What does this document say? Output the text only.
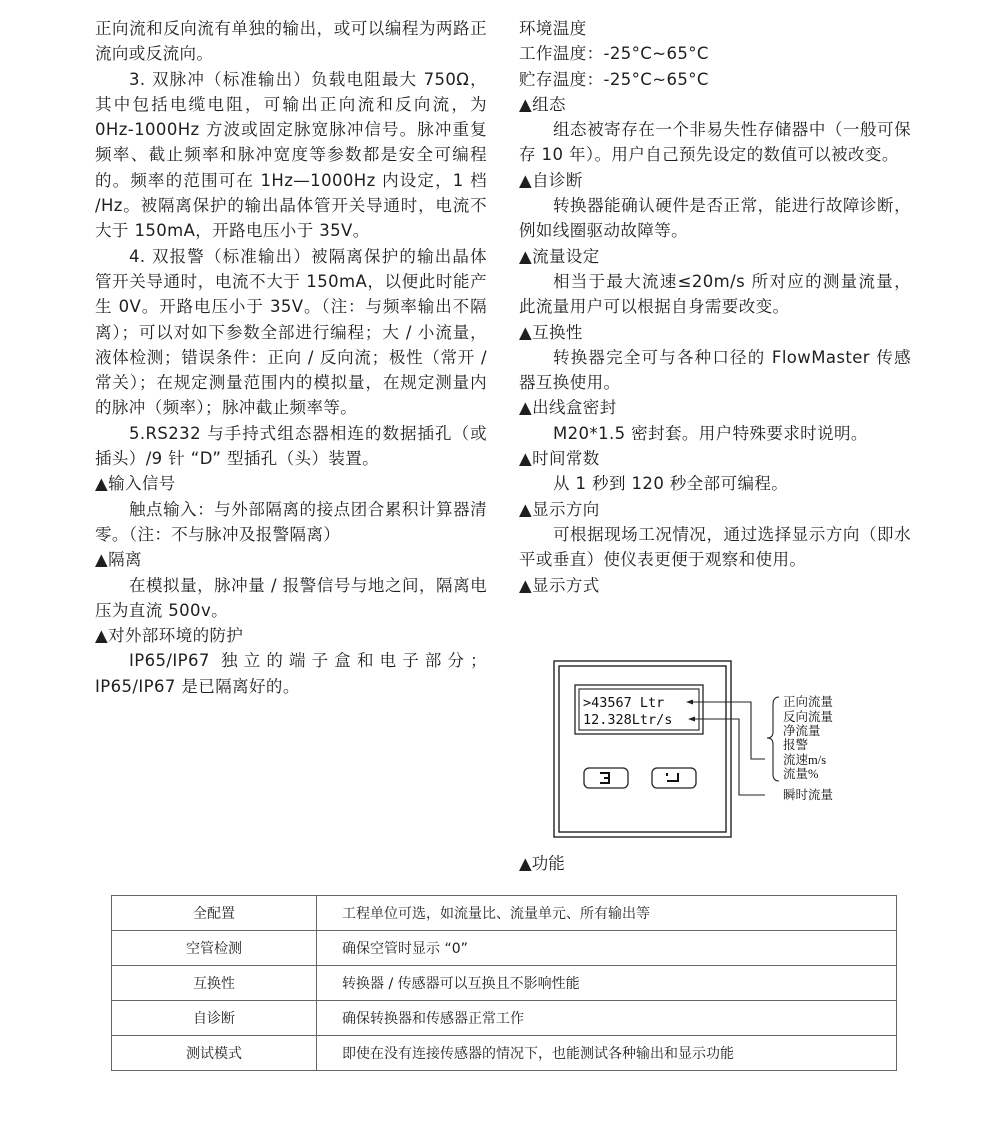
正向流和反向流有单独的输出，或可以编程为两路正流向或反流向。

3. 双脉冲（标准输出）负载电阻最大 750Ω，其中包括电缆电阻，可输出正向流和反向流，为 0Hz-1000Hz 方波或固定脉宽脉冲信号。脉冲重复频率、截止频率和脉冲宽度等参数都是安全可编程的。频率的范围可在 1Hz—1000Hz 内设定，1 档 /Hz。被隔离保护的输出晶体管开关导通时，电流不大于 150mA，开路电压小于 35V。

4. 双报警（标准输出）被隔离保护的输出晶体管开关导通时，电流不大于 150mA，以便此时能产生 0V。开路电压小于 35V。（注：与频率输出不隔离）；可以对如下参数全部进行编程；大 / 小流量，液体检测；错误条件：正向 / 反向流；极性（常开 / 常关）；在规定测量范围内的模拟量，在规定测量内的脉冲（频率）；脉冲截止频率等。

5.RS232 与手持式组态器相连的数据插孔（或插头）/9 针 “D” 型插孔（头）装置。

▲输入信号

触点输入：与外部隔离的接点团合累积计算器清零。（注：不与脉冲及报警隔离）

▲隔离

在模拟量，脉冲量 / 报警信号与地之间，隔离电压为直流 500v。

▲对外部环境的防护

IP65/IP67 独立的端子盒和电子部分；IP65/IP67 是已隔离好的。

环境温度

工作温度：-25°C~65°C

贮存温度：-25°C~65°C

▲组态

组态被寄存在一个非易失性存储器中（一般可保存 10 年）。用户自己预先设定的数值可以被改变。

▲自诊断

转换器能确认硬件是否正常，能进行故障诊断，例如线圈驱动故障等。

▲流量设定

相当于最大流速≤20m/s 所对应的测量流量，此流量用户可以根据自身需要改变。

▲互换性

转换器完全可与各种口径的 FlowMaster 传感器互换使用。

▲出线盒密封

M20*1.5 密封套。用户特殊要求时说明。

▲时间常数

从 1 秒到 120 秒全部可编程。

▲显示方向

可根据现场工况情况，通过选择显示方向（即水平或垂直）使仪表更便于观察和使用。

▲显示方式

>43567 Ltr
12.328Ltr/s
正向流量
反向流量
净流量
报警
流速m/s
流量%
瞬时流量
▲功能
全配置	工程单位可选，如流量比、流量单元、所有输出等
空管检测	确保空管时显示 “0”
互换性	转换器 / 传感器可以互换且不影响性能
自诊断	确保转换器和传感器正常工作
测试模式	即使在没有连接传感器的情况下，也能测试各种输出和显示功能
